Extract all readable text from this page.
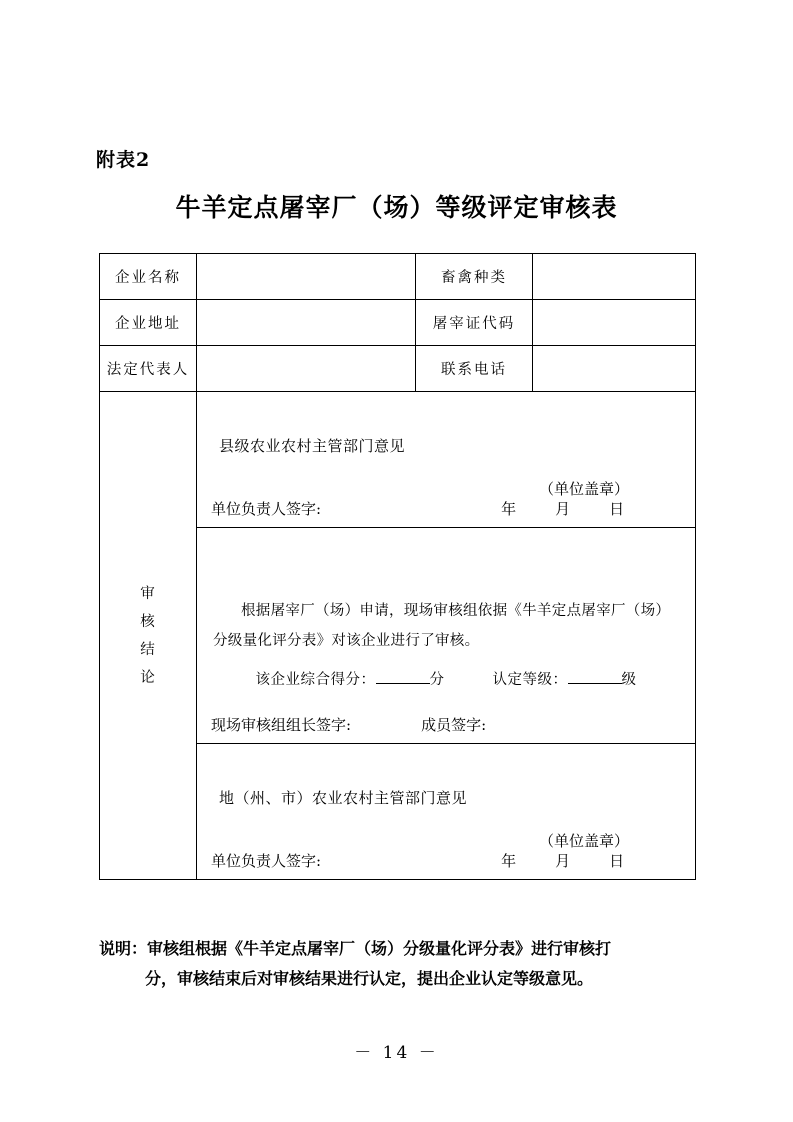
附表2
牛羊定点屠宰厂（场）等级评定审核表
企业名称		畜禽种类	
企业地址		屠宰证代码	
法定代表人		联系电话	

审
核
结
论

县级农业农村主管部门意见
（单位盖章）
单位负责人签字:	年　月　日

	根据屠宰厂（场）申请，现场审核组依据《牛羊定点屠宰厂（场）分级量化评分表》对该企业进行了审核。
该企业综合得分： 分 认定等级： 级
现场审核组组长签字: 成员签字:		

	地（州、市）农业农村主管部门意见
（单位盖章）
单位负责人签字: 年　月　日		
说明：审核组根据《牛羊定点屠宰厂（场）分级量化评分表》进行审核打
分，审核结束后对审核结果进行认定，提出企业认定等级意见。
－ 14 －
